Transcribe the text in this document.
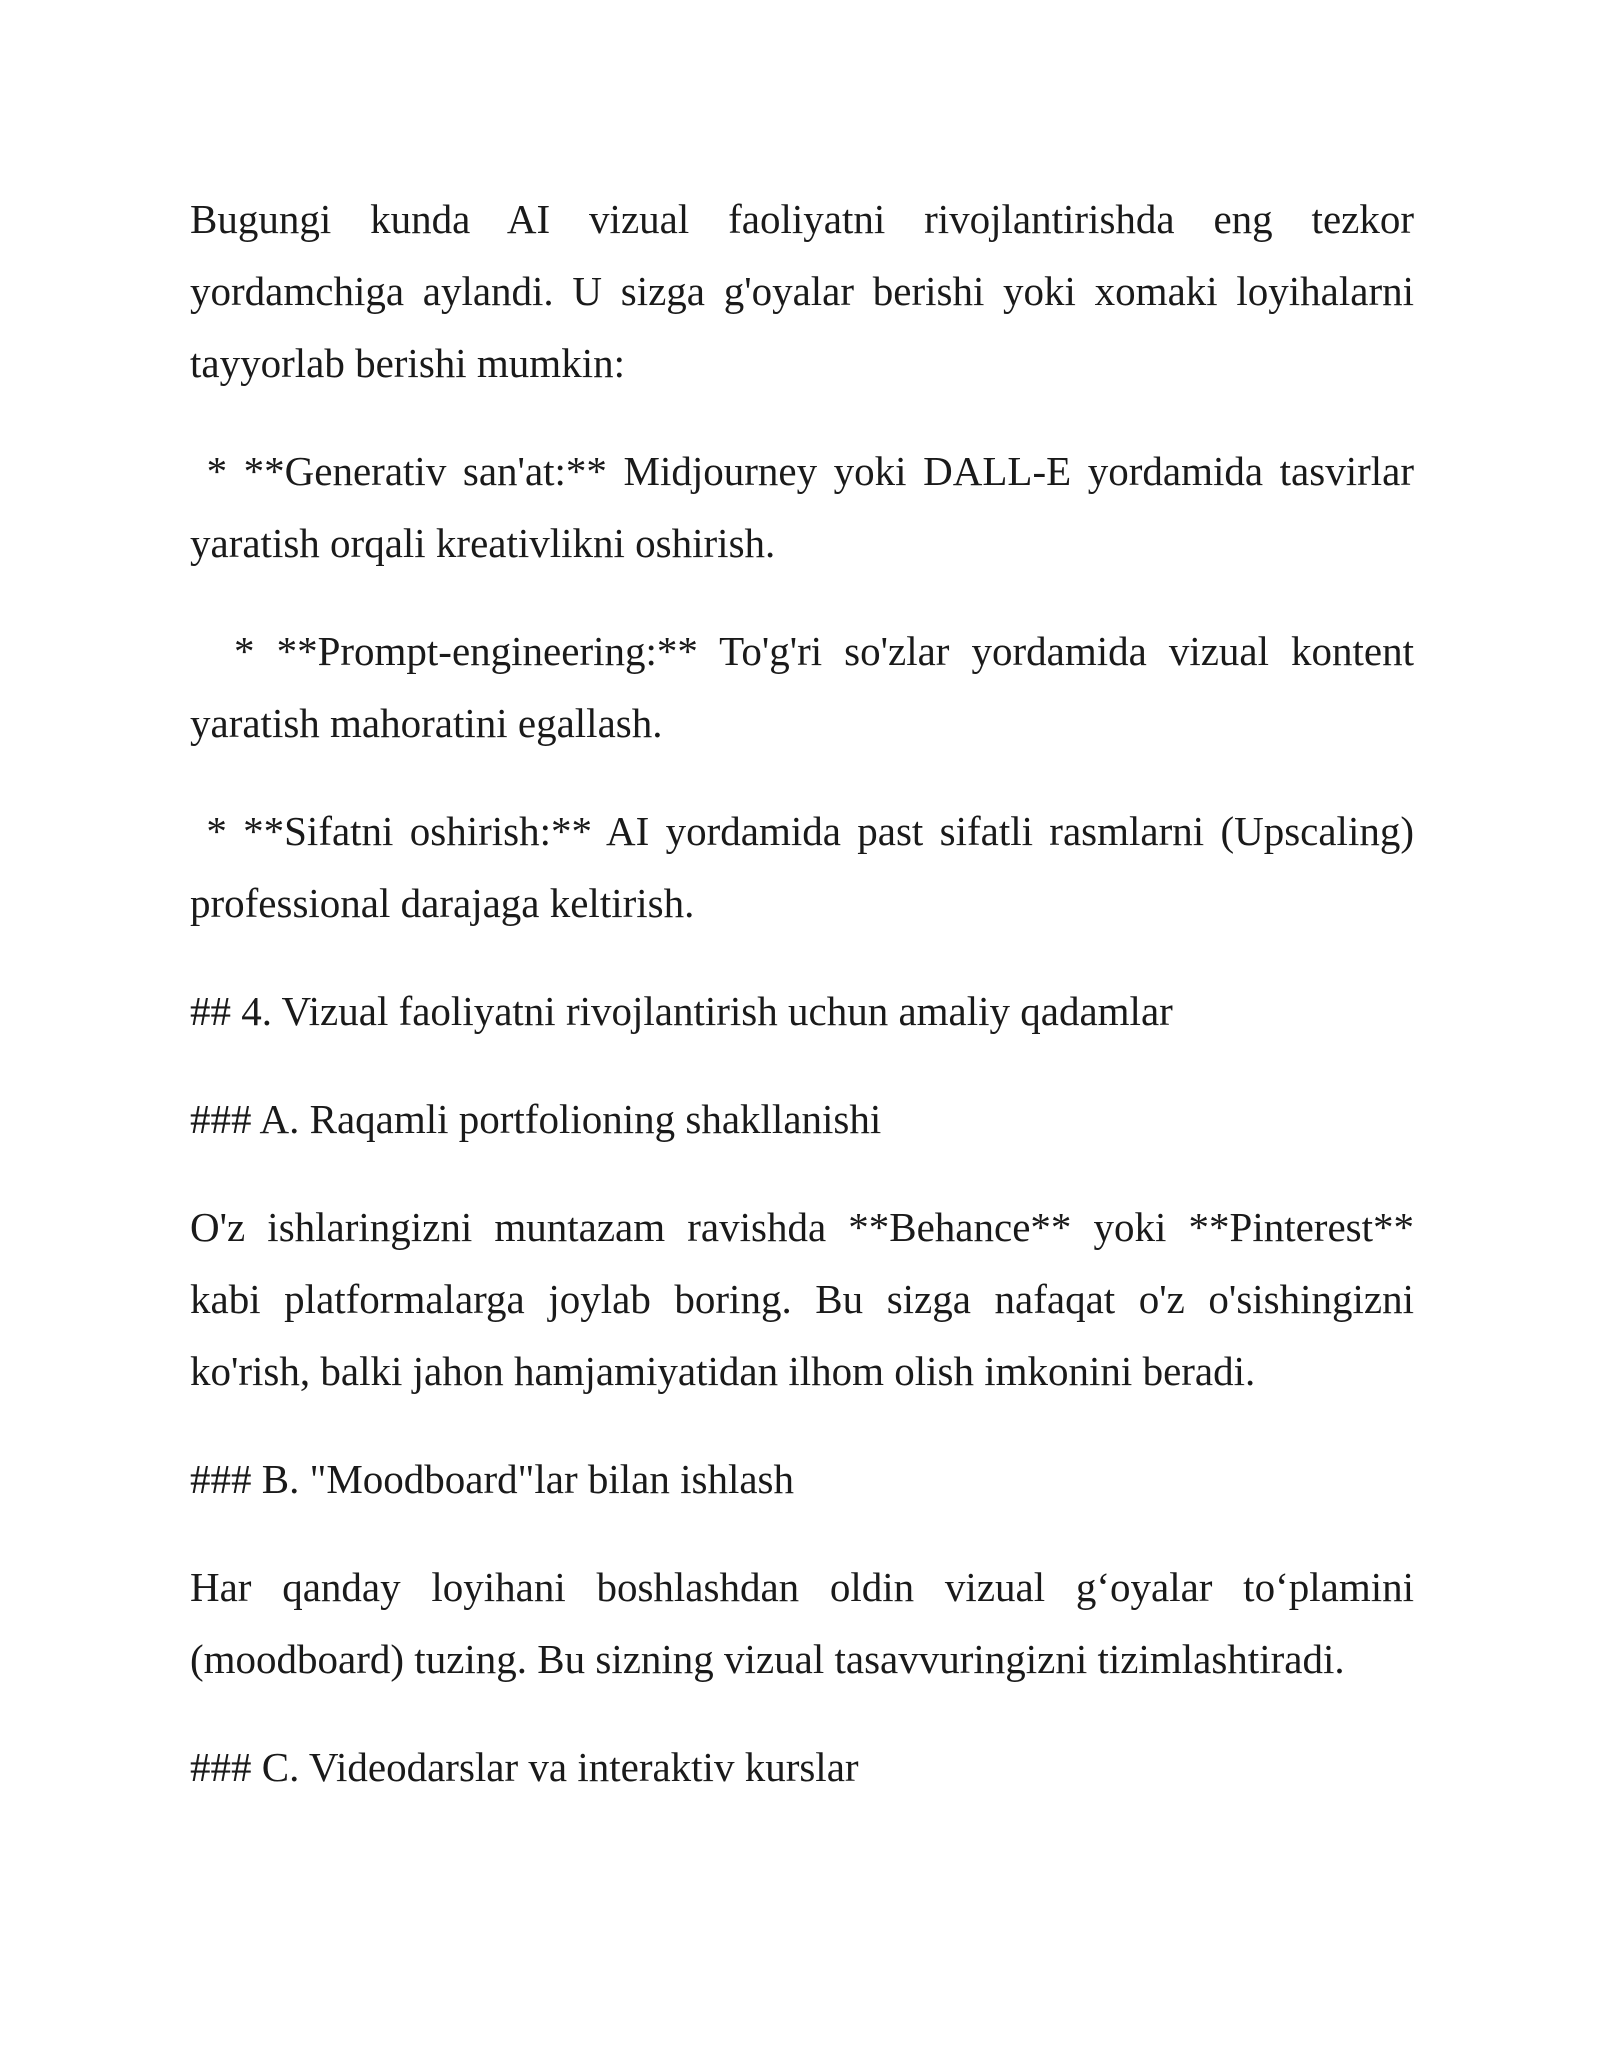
Bugungi kunda AI vizual faoliyatni rivojlantirishda eng tezkor yordamchiga aylandi. U sizga g'oyalar berishi yoki xomaki loyihalarni tayyorlab berishi mumkin:

* **Generativ san'at:** Midjourney yoki DALL-E yordamida tasvirlar yaratish orqali kreativlikni oshirish.

* **Prompt-engineering:** To'g'ri so'zlar yordamida vizual kontent yaratish mahoratini egallash.

* **Sifatni oshirish:** AI yordamida past sifatli rasmlarni (Upscaling) professional darajaga keltirish.

## 4. Vizual faoliyatni rivojlantirish uchun amaliy qadamlar

### A. Raqamli portfolioning shakllanishi

O'z ishlaringizni muntazam ravishda **Behance** yoki **Pinterest** kabi platformalarga joylab boring. Bu sizga nafaqat o'z o'sishingizni ko'rish, balki jahon hamjamiyatidan ilhom olish imkonini beradi.

### B. "Moodboard"lar bilan ishlash

Har qanday loyihani boshlashdan oldin vizual g‘oyalar to‘plamini (moodboard) tuzing. Bu sizning vizual tasavvuringizni tizimlashtiradi.

### C. Videodarslar va interaktiv kurslar
